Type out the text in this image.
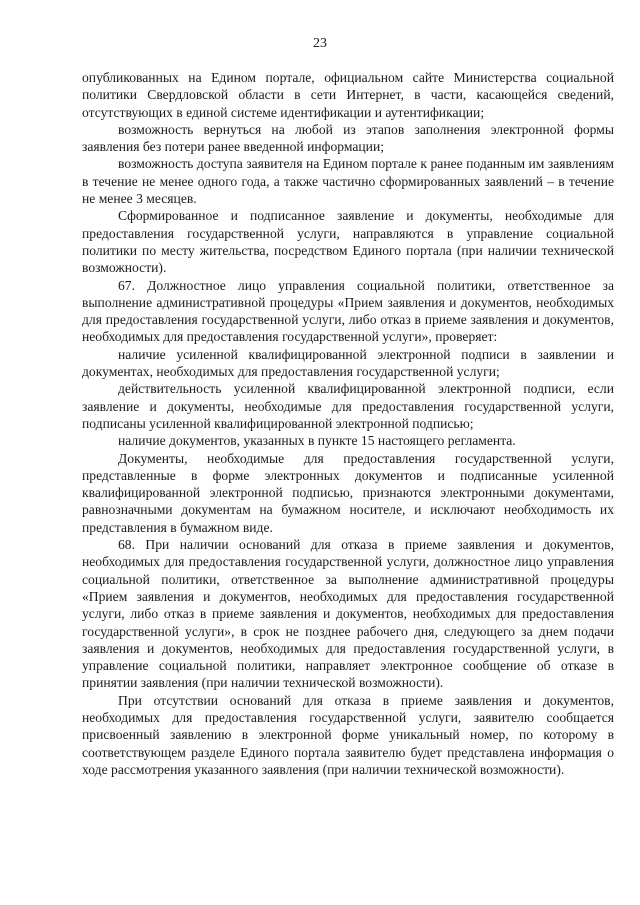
23

опубликованных на Едином портале, официальном сайте Министерства социальной политики Свердловской области в сети Интернет, в части, касающейся сведений, отсутствующих в единой системе идентификации и аутентификации;

возможность вернуться на любой из этапов заполнения электронной формы заявления без потери ранее введенной информации;

возможность доступа заявителя на Едином портале к ранее поданным им заявлениям в течение не менее одного года, а также частично сформированных заявлений – в течение не менее 3 месяцев.

Сформированное и подписанное заявление и документы, необходимые для предоставления государственной услуги, направляются в управление социальной политики по месту жительства, посредством Единого портала (при наличии технической возможности).

67. Должностное лицо управления социальной политики, ответственное за выполнение административной процедуры «Прием заявления и документов, необходимых для предоставления государственной услуги, либо отказ в приеме заявления и документов, необходимых для предоставления государственной услуги», проверяет:

наличие усиленной квалифицированной электронной подписи в заявлении и документах, необходимых для предоставления государственной услуги;

действительность усиленной квалифицированной электронной подписи, если заявление и документы, необходимые для предоставления государственной услуги, подписаны усиленной квалифицированной электронной подписью;

наличие документов, указанных в пункте 15 настоящего регламента.

Документы, необходимые для предоставления государственной услуги, представленные в форме электронных документов и подписанные усиленной квалифицированной электронной подписью, признаются электронными документами, равнозначными документам на бумажном носителе, и исключают необходимость их представления в бумажном виде.

68. При наличии оснований для отказа в приеме заявления и документов, необходимых для предоставления государственной услуги, должностное лицо управления социальной политики, ответственное за выполнение административной процедуры «Прием заявления и документов, необходимых для предоставления государственной услуги, либо отказ в приеме заявления и документов, необходимых для предоставления государственной услуги», в срок не позднее рабочего дня, следующего за днем подачи заявления и документов, необходимых для предоставления государственной услуги, в управление социальной политики, направляет электронное сообщение об отказе в принятии заявления (при наличии технической возможности).

При отсутствии оснований для отказа в приеме заявления и документов, необходимых для предоставления государственной услуги, заявителю сообщается присвоенный заявлению в электронной форме уникальный номер, по которому в соответствующем разделе Единого портала заявителю будет представлена информация о ходе рассмотрения указанного заявления (при наличии технической возможности).
